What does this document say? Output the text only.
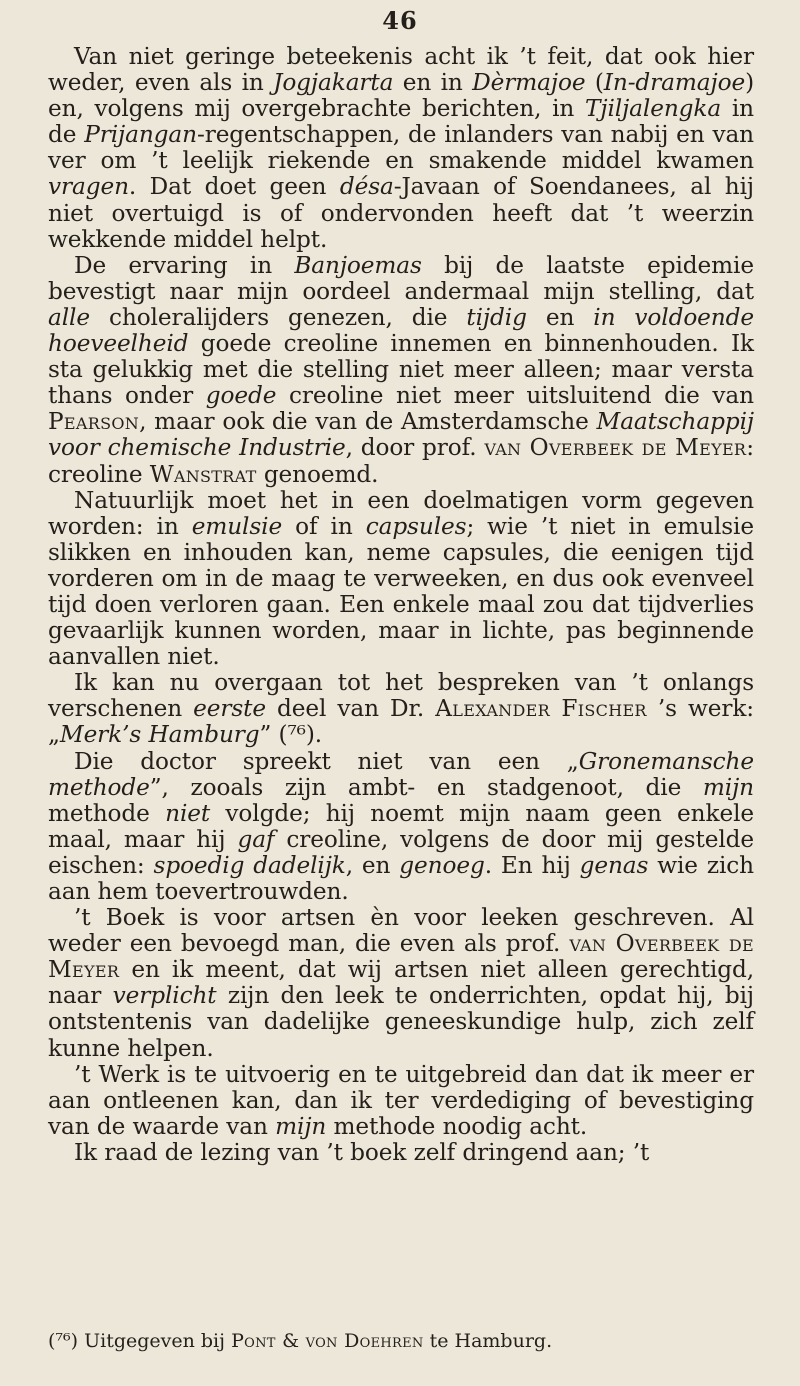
46

Van niet geringe beteekenis acht ik ’t feit, dat ook hier weder, even als in Jogjakarta en in Dèrmajoe (In-dramajoe) en, volgens mij overgebrachte berichten, in Tjiljalengka in de Prijangan-regentschappen, de inlanders van nabij en van ver om ’t leelijk riekende en smakende middel kwamen vragen. Dat doet geen désa-Javaan of Soendanees, al hij niet overtuigd is of ondervonden heeft dat ’t weerzin wekkende middel helpt.

De ervaring in Banjoemas bij de laatste epidemie bevestigt naar mijn oordeel andermaal mijn stelling, dat alle choleralijders genezen, die tijdig en in voldoende hoeveelheid goede creoline innemen en binnenhouden. Ik sta gelukkig met die stelling niet meer alleen; maar versta thans onder goede creoline niet meer uitsluitend die van Pearson, maar ook die van de Amsterdamsche Maatschappij voor chemische Industrie, door prof. van Overbeek de Meyer: creoline Wanstrat genoemd.

Natuurlijk moet het in een doelmatigen vorm gegeven worden: in emulsie of in capsules; wie ’t niet in emulsie slikken en inhouden kan, neme capsules, die eenigen tijd vorderen om in de maag te verweeken, en dus ook evenveel tijd doen verloren gaan. Een enkele maal zou dat tijdverlies gevaarlijk kunnen worden, maar in lichte, pas beginnende aanvallen niet.

Ik kan nu overgaan tot het bespreken van ’t onlangs verschenen eerste deel van Dr. Alexander Fischer ’s werk: „Merk’s Hamburg” (⁷⁶).

Die doctor spreekt niet van een „Gronemansche methode”, zooals zijn ambt- en stadgenoot, die mijn methode niet volgde; hij noemt mijn naam geen enkele maal, maar hij gaf creoline, volgens de door mij gestelde eischen: spoedig dadelijk, en genoeg. En hij genas wie zich aan hem toevertrouwden.

’t Boek is voor artsen èn voor leeken geschreven. Al weder een bevoegd man, die even als prof. van Overbeek de Meyer en ik meent, dat wij artsen niet alleen gerechtigd, naar verplicht zijn den leek te onderrichten, opdat hij, bij ontstentenis van dadelijke geneeskundige hulp, zich zelf kunne helpen.

’t Werk is te uitvoerig en te uitgebreid dan dat ik meer er aan ontleenen kan, dan ik ter verdediging of bevestiging van de waarde van mijn methode noodig acht.

Ik raad de lezing van ’t boek zelf dringend aan; ’t

(⁷⁶) Uitgegeven bij Pont & von Doehren te Hamburg.
